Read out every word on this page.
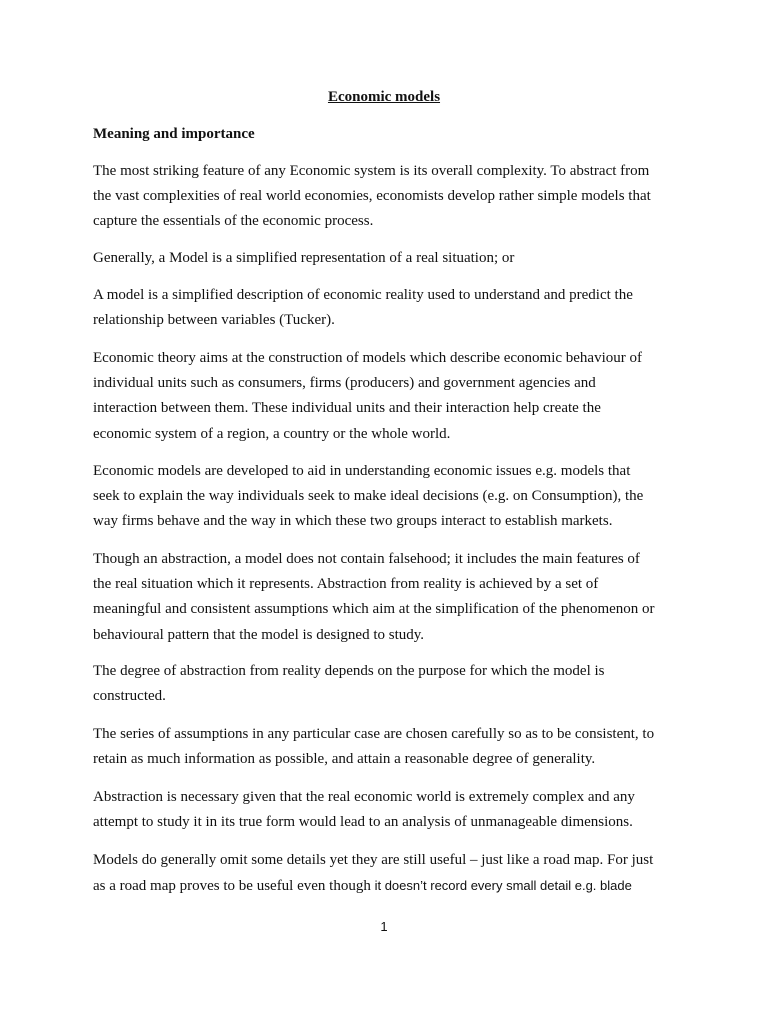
Economic models
Meaning and importance

The most striking feature of any Economic system is its overall complexity. To abstract from
the vast complexities of real world economies, economists develop rather simple models that
capture the essentials of the economic process.

Generally, a Model is a simplified representation of a real situation; or

A model is a simplified description of economic reality used to understand and predict the
relationship between variables (Tucker).

Economic theory aims at the construction of models which describe economic behaviour of
individual units such as consumers, firms (producers) and government agencies and
interaction between them. These individual units and their interaction help create the
economic system of a region, a country or the whole world.

Economic models are developed to aid in understanding economic issues e.g. models that
seek to explain the way individuals seek to make ideal decisions (e.g. on Consumption), the
way firms behave and the way in which these two groups interact to establish markets.

Though an abstraction, a model does not contain falsehood; it includes the main features of
the real situation which it represents. Abstraction from reality is achieved by a set of
meaningful and consistent assumptions which aim at the simplification of the phenomenon or
behavioural pattern that the model is designed to study.

The degree of abstraction from reality depends on the purpose for which the model is
constructed.

The series of assumptions in any particular case are chosen carefully so as to be consistent, to
retain as much information as possible, and attain a reasonable degree of generality.

Abstraction is necessary given that the real economic world is extremely complex and any
attempt to study it in its true form would lead to an analysis of unmanageable dimensions.

Models do generally omit some details yet they are still useful – just like a road map. For just
as a road map proves to be useful even though it doesn’t record every small detail e.g. blade

1
